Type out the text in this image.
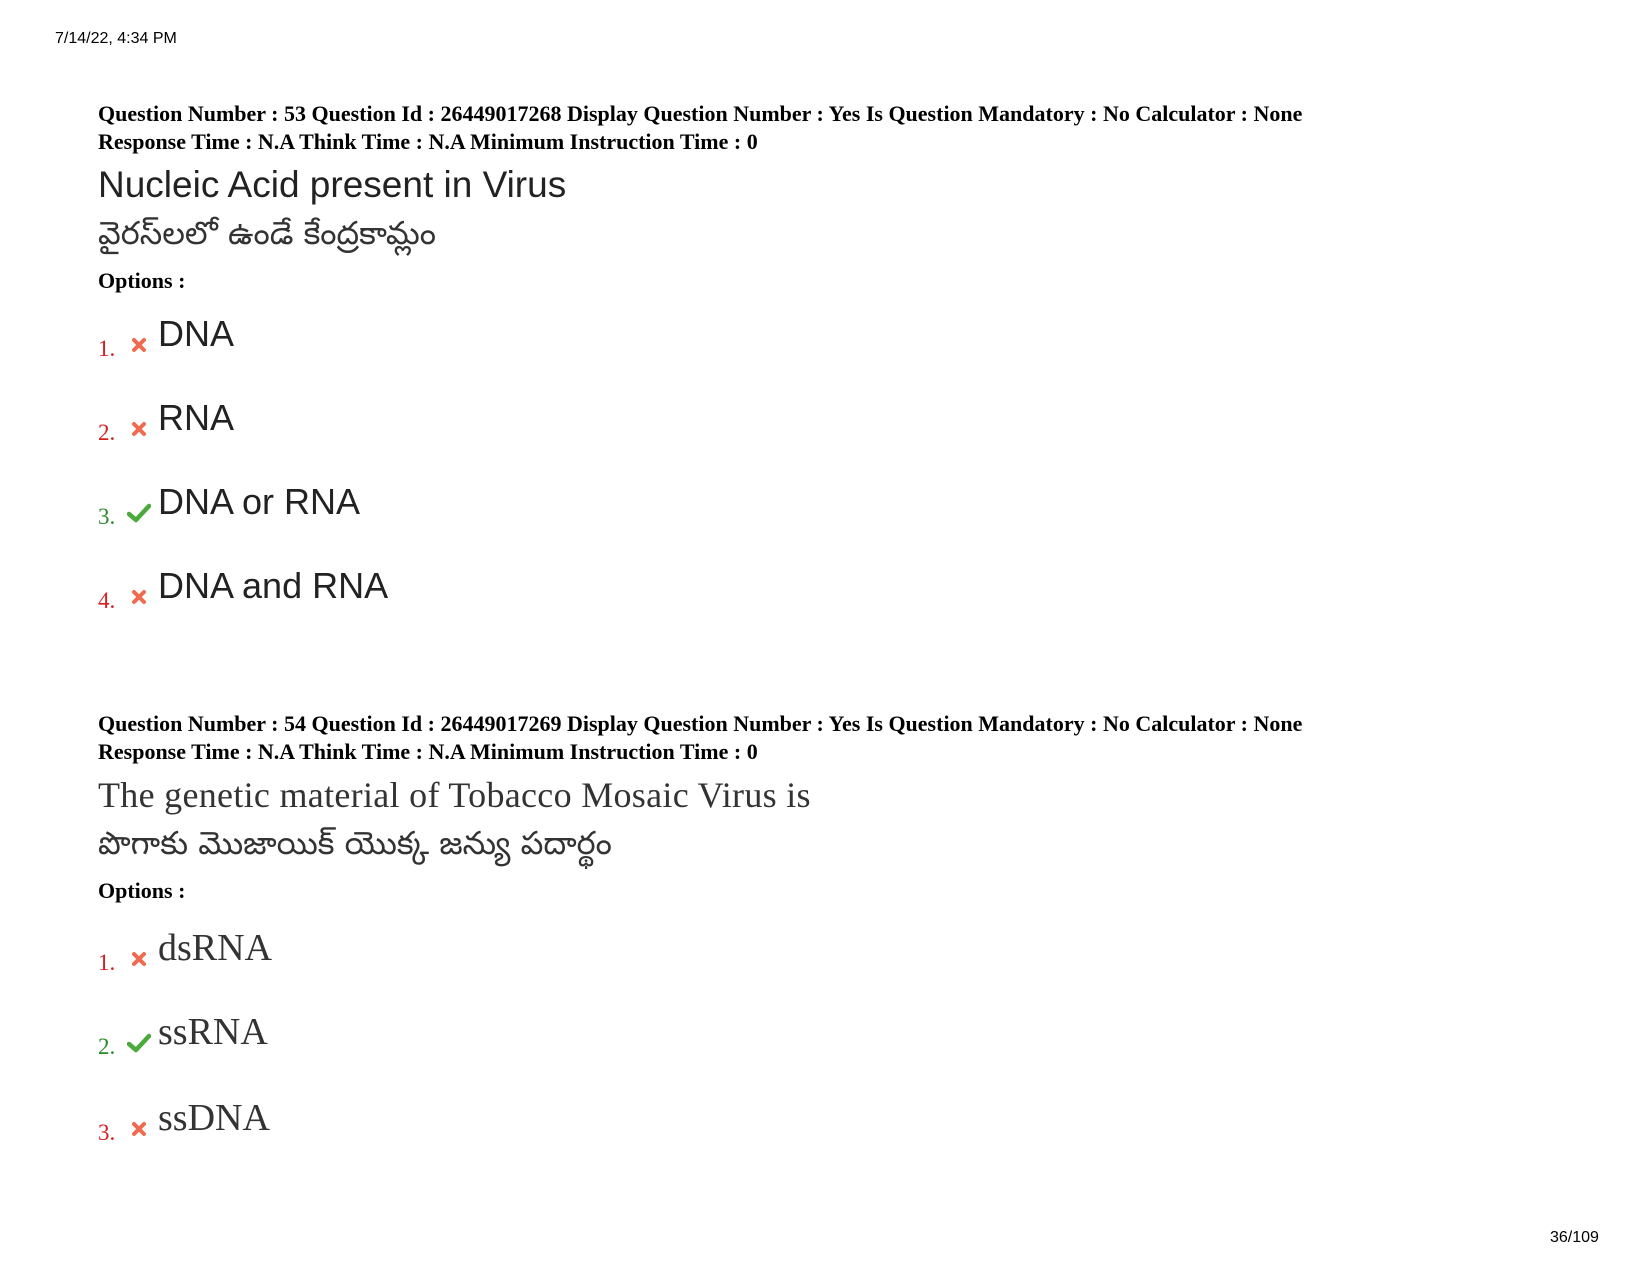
7/14/22, 4:34 PM
Question Number : 53 Question Id : 26449017268 Display Question Number : Yes Is Question Mandatory : No Calculator : None
Response Time : N.A Think Time : N.A Minimum Instruction Time : 0
Nucleic Acid present in Virus
వైరస్‌లలో ఉండే కేంద్రకామ్లం
Options :
1. DNA
2. RNA
3. DNA or RNA
4. DNA and RNA
Question Number : 54 Question Id : 26449017269 Display Question Number : Yes Is Question Mandatory : No Calculator : None
Response Time : N.A Think Time : N.A Minimum Instruction Time : 0
The genetic material of Tobacco Mosaic Virus is
పొగాకు మొజాయిక్ యొక్క జన్యు పదార్థం
Options :
1. dsRNA
2. ssRNA
3. ssDNA
36/109
